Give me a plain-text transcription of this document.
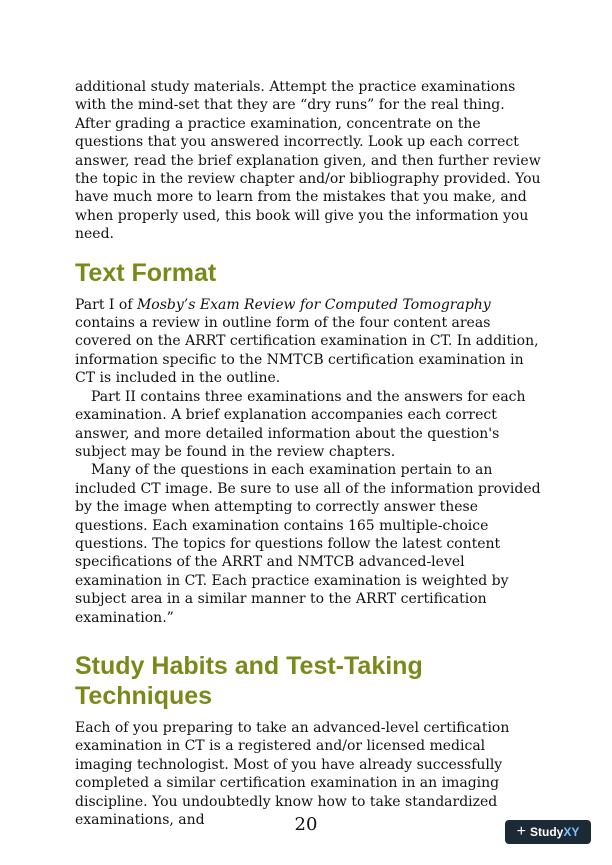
additional study materials. Attempt the practice examinations with the mind-set that they are “dry runs” for the real thing. After grading a practice examination, concentrate on the questions that you answered incorrectly. Look up each correct answer, read the brief explanation given, and then further review the topic in the review chapter and/or bibliography provided. You have much more to learn from the mistakes that you make, and when properly used, this book will give you the information you need.

Text Format

Part I of Mosby’s Exam Review for Computed Tomography contains a review in outline form of the four content areas covered on the ARRT certification examination in CT. In addition, information specific to the NMTCB certification examination in CT is included in the outline.

Part II contains three examinations and the answers for each examination. A brief explanation accompanies each correct answer, and more detailed information about the question's subject may be found in the review chapters.

Many of the questions in each examination pertain to an included CT image. Be sure to use all of the information provided by the image when attempting to correctly answer these questions. Each examination contains 165 multiple-choice questions. The topics for questions follow the latest content specifications of the ARRT and NMTCB advanced-level examination in CT. Each practice examination is weighted by subject area in a similar manner to the ARRT certification examination.”

Study Habits and Test-Taking Techniques

Each of you preparing to take an advanced-level certification examination in CT is a registered and/or licensed medical imaging technologist. Most of you have already successfully completed a similar certification examination in an imaging discipline. You undoubtedly know how to take standardized examinations, and	20	+ StudyXY
